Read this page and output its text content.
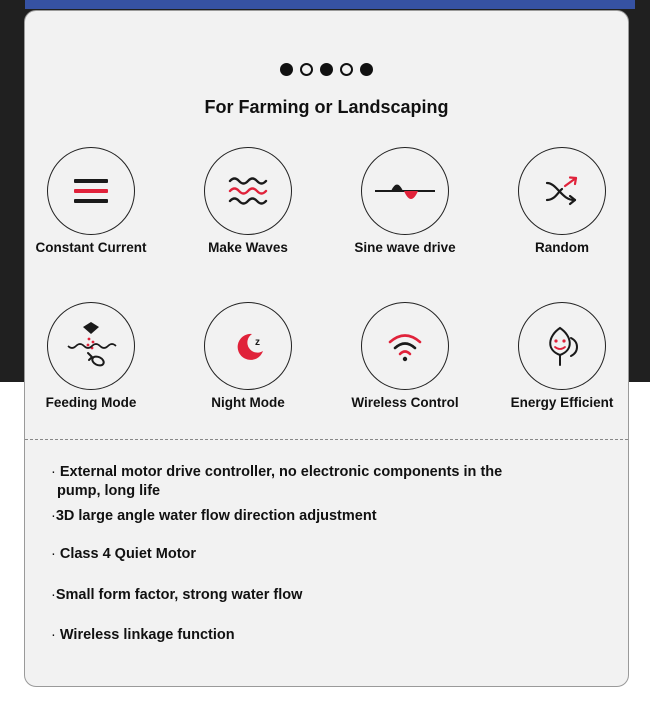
For Farming or Landscaping
Constant Current	Make Waves	Sine wave drive	Random
Feeding Mode
z
Night Mode	Wireless Control	Energy Efficient
· External motor drive controller, no electronic components in the
pump, long life
·3D large angle water flow direction adjustment
· Class 4 Quiet Motor
·Small form factor, strong water flow
· Wireless linkage function
